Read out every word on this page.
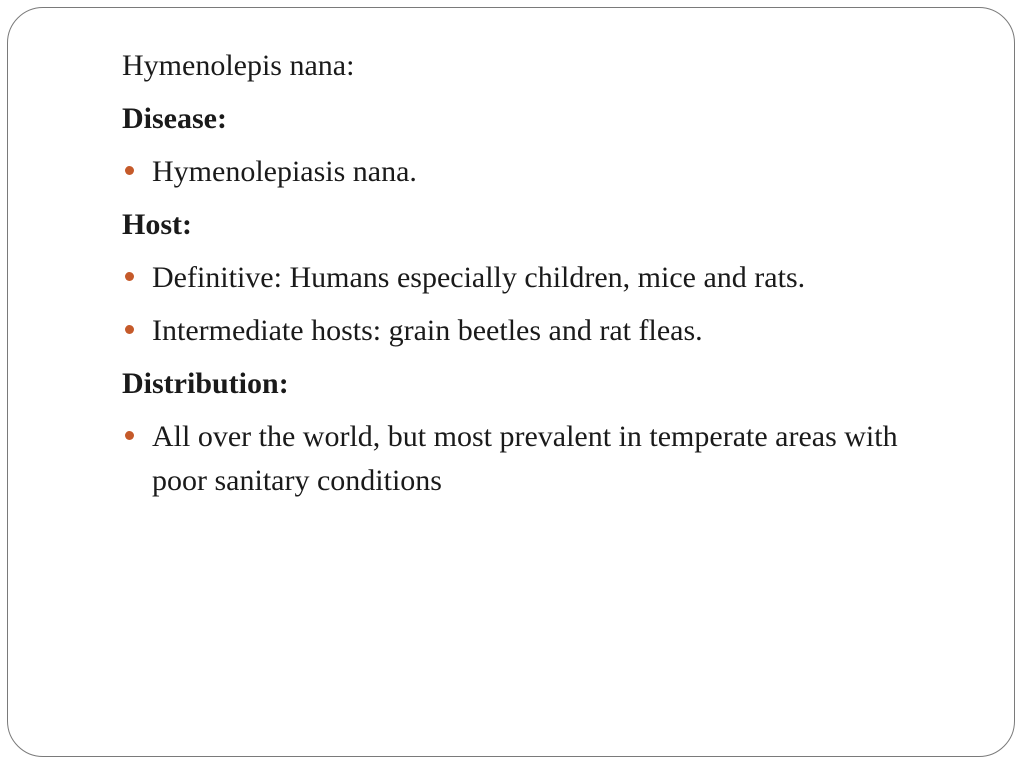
Hymenolepis nana:
Disease:
Hymenolepiasis nana.
Host:
Definitive: Humans especially children, mice and rats.
Intermediate hosts: grain beetles and rat fleas.
Distribution:
All over the world, but most prevalent in temperate areas with poor sanitary conditions
